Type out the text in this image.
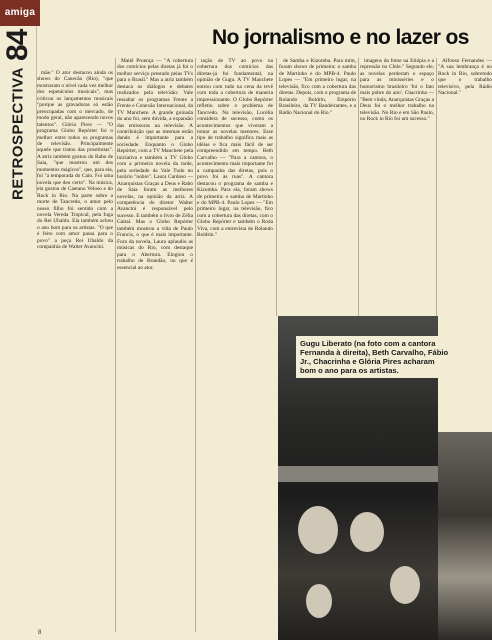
amiga
No jornalismo e no lazer os
RETROSPECTIVA
84

mãe." O ator destacou ainda os shows do Canecão (Rio), "que mostraram o nível cada vez melhor dos espetáculos musicais", mas criticou os lançamentos musicais "porque as gravadoras só estão preocupadas com o mercado, de modo geral, não aparecendo novos talentos". Glória Pires — "O programa Globo Repórter foi o melhor entre todos os programas de televisão. Principalmente aquele que tratou das prostitutas". A atriz também gostou do Rabo de Saia, "que mostrou um dos momentos mágicos", que, para ela, foi "a temporada do Caio. Foi uma novela que deu certo". Na música, ela gostou de Caetano Veloso e do Rock in Rio. Na parte sobre a morte de Tancredo, o amor pelo nosso filho foi sentido com a novela Vereda Tropical, pela fuga do Rei Ubaldo. Ela também achou o ano bom para os artistas. "O que é feito com amor passa para o povo" a peça Rei Ubaldo da companhia de Walter Avancini.

Maitê Proença — "A cobertura dos comícios pelas diretas já foi o melhor serviço prestado pelas TVs para o Brasil." Mas a atriz também destaca os diálogos e debates realizados pela televisão: Vale ressaltar os programas Frente a Frente e Conexão Internacional, da TV Manchete. A grande guinada do ano foi, sem dúvida, a expansão das emissoras na televisão. A contribuição que as mesmas estão dando é importante para a sociedade. Enquanto o Globo Repórter, com a TV Manchete pela iniciativa e também a TV Globo com a primeira novela da tarde, pela seriedade da Vale Tudo no horário "nobre". Laura Cardoso — Anarquistas Graças a Deus e Rabo de Saia foram as melhores novelas, na opinião da atriz. A competência do diretor Walter Avancini é responsável pelo sucesso. E também o livro de Zélia Gattai. Mas o Globo Repórter também mostrou a vida de Paulo Francis, o que é mais importante. Fora da novela, Laura aplaudiu as músicas do Rio, com destaque para o Abertura. Elogiou o trabalho de Brandão, no que é essencial ao ator.

tação de TV ao povo na cobertura dos comícios das diretas-já foi fundamental, na opinião de Gugu. A TV Manchete entrou com tudo na cena da tevê com toda a cobertura de maneira impressionante. O Globo Repórter refletiu sobre o problema de Tancredo. Na televisão, Lucélia considera de sucesso, como os acontecimentos que viveram a tomar as novelas menores. Esse tipo de trabalho significa mais as idéias e fica mais fácil de ser compreendido em tempo. Beth Carvalho — "Para a cantora, o acontecimento mais importante foi a campanha das diretas, pois o povo foi às ruas". A cantora destacou o programa de samba e Kizomba. Para ela, foram shows de primeira: o samba de Martinho e do MPB-4. Paulo Lopes — "Em primeiro lugar, na televisão, fico com a cobertura das diretas, com o Globo Repórter e também o Roda Viva, com a entrevista de Rolando Boldrin."

de Samba e Kizomba. Para mim, foram shows de primeira: o samba de Martinho e do MPB-4. Paulo Lopes — "Em primeiro lugar, na televisão, fico com a cobertura das diretas. Depois, com o programa de Rolando Boldrin, Empório Brasileiro, da TV Bandeirantes, e a Rádio Nacional do Rio."

imagens da fome na Etiópia e a repressão no Chile." Segundo ele, as novelas perderam o espaço para as minisséries e o humorismo brasileiro 'foi o fato mais pobre do ano'. Chacrinha — "Bem vinda, Anarquistas Graças a Deus foi o melhor trabalho na televisão. No Rio e em São Paulo, no Rock in Rio foi um sucesso."

Alfonso Fernandes — "A sua lembrança é no Rock in Rio, sobretudo que o trabalho televisivo, pela Rádio Nacional."

Gugu Liberato (na foto com a cantora Fernanda à direita), Beth Carvalho, Fábio Jr., Chacrinha e Glória Pires acharam bom o ano para os artistas.
8
